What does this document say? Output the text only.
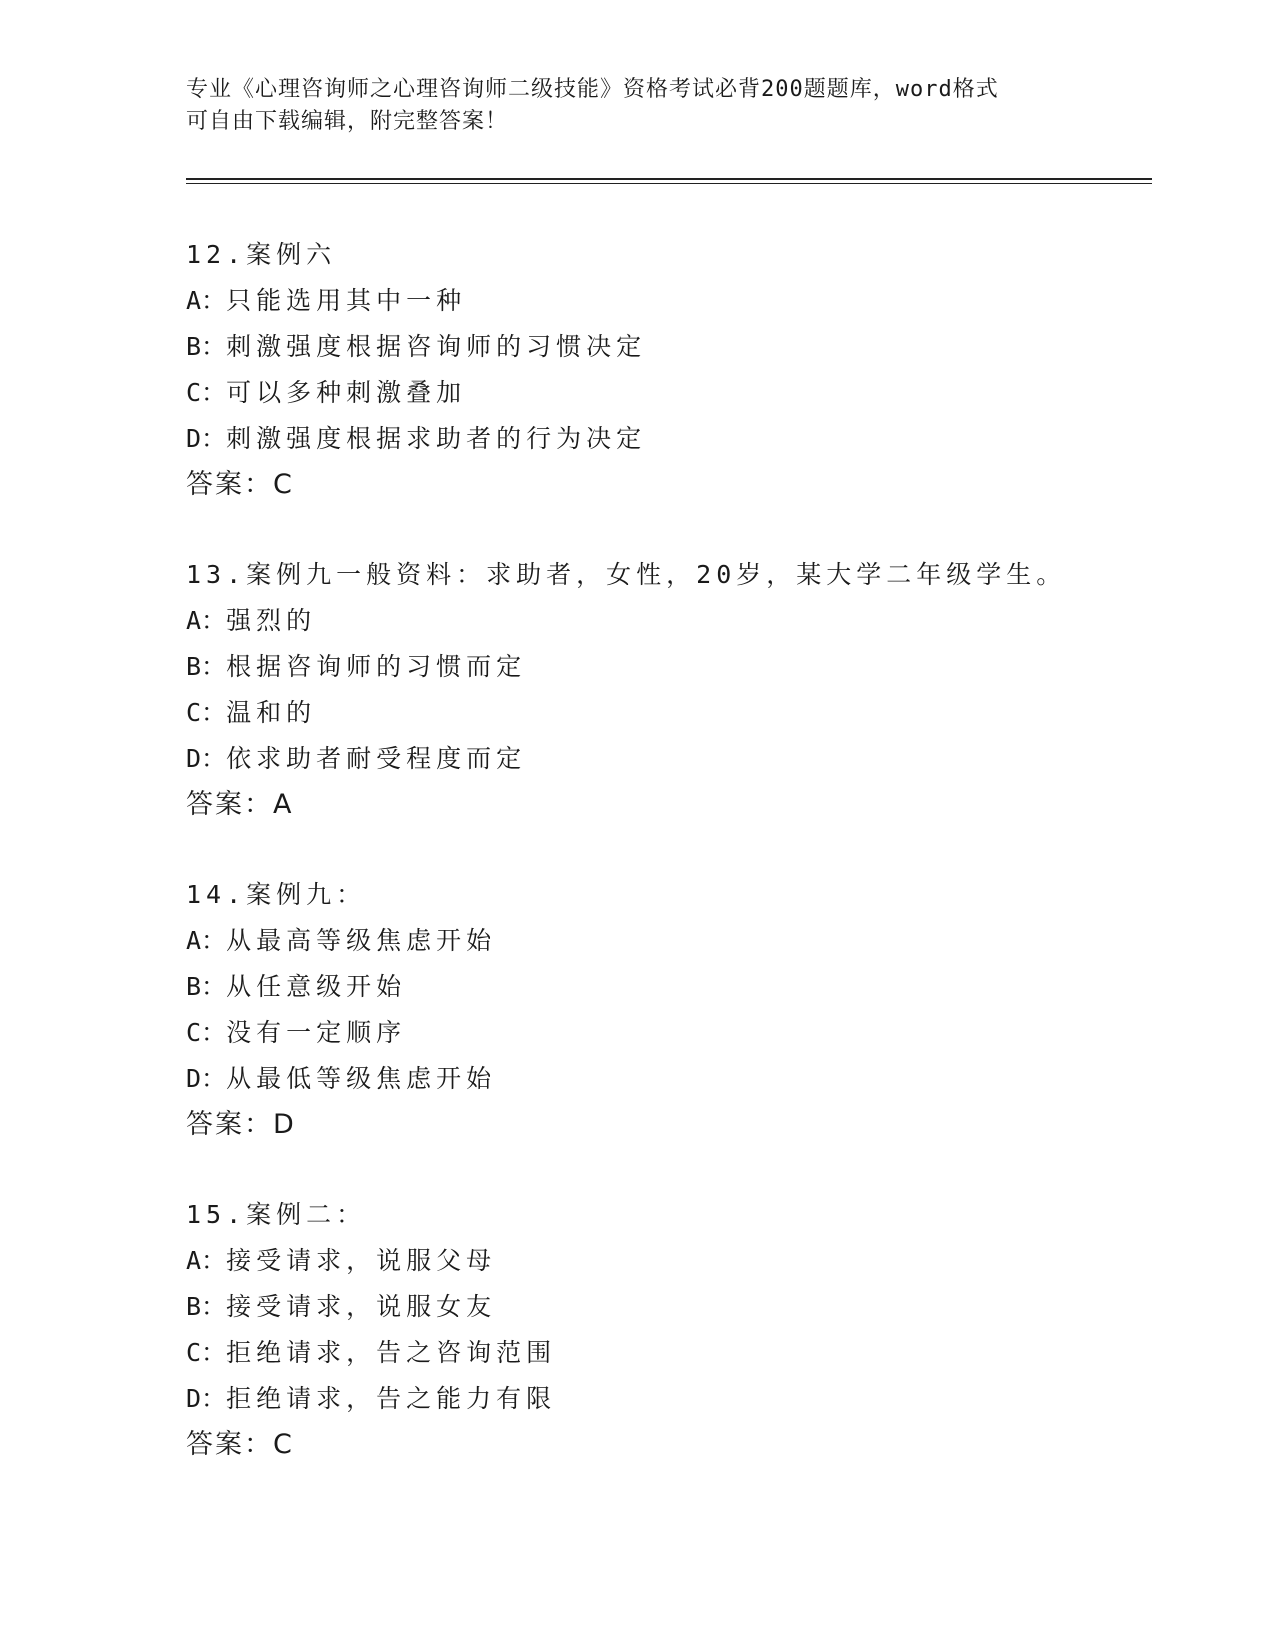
专业《心理咨询师之心理咨询师二级技能》资格考试必背200题题库，word格式
可自由下载编辑，附完整答案！
12.案例六
A：只能选用其中一种
B：刺激强度根据咨询师的习惯决定
C：可以多种刺激叠加
D：刺激强度根据求助者的行为决定
答案：C
13.案例九一般资料：求助者，女性，20岁，某大学二年级学生。
A：强烈的
B：根据咨询师的习惯而定
C：温和的
D：依求助者耐受程度而定
答案：A
14.案例九：
A：从最高等级焦虑开始
B：从任意级开始
C：没有一定顺序
D：从最低等级焦虑开始
答案：D
15.案例二：
A：接受请求，说服父母
B：接受请求，说服女友
C：拒绝请求，告之咨询范围
D：拒绝请求，告之能力有限
答案：C
